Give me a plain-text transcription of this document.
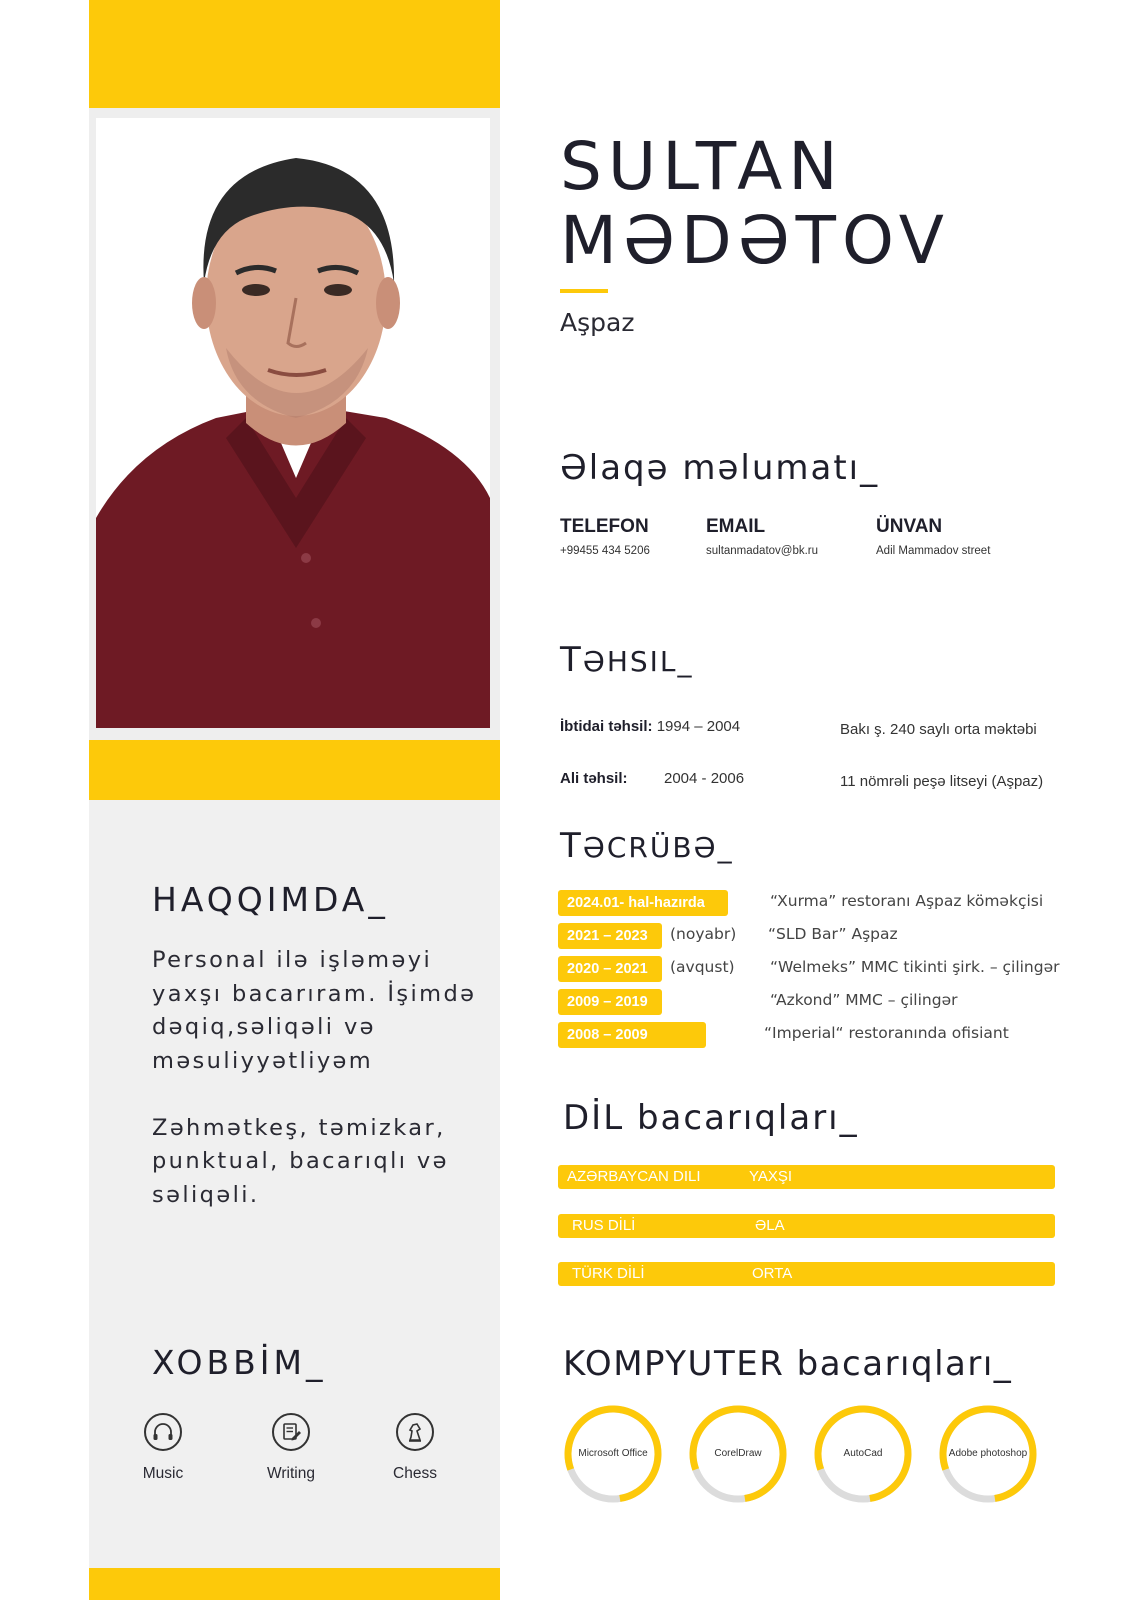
HAQQIMDA_
Personal ilə işləməyi yaxşı bacarıram. İşimdə dəqiq,səliqəli və məsuliyyətliyəm

Zəhmətkeş, təmizkar, punktual, bacarıqlı və səliqəli.
XOBBİM_
Music	Writing	Chess
SULTAN
MƏDƏTOV
Aşpaz
Əlaqə məlumatı_
TELEFON
+99455 434 5206
EMAIL
sultanmadatov@bk.ru
ÜNVAN
Adil Mammadov street
TƏHSIL_
İbtidai təhsil: 1994 – 2004	Bakı ş. 240 saylı orta məktəbi
Ali təhsil: 2004 - 2006	11 nömrəli peşə litseyi (Aşpaz)
TƏCRÜBƏ_
2024.01- hal-hazırda	“Xurma” restoranı Aşpaz köməkçisi
2021 – 2023	(noyabr) “SLD Bar” Aşpaz
2020 – 2021	(avqust) “Welmeks” MMC tikinti şirk. – çilingər
2009 – 2019	“Azkond” MMC – çilingər
2008 – 2009	“Imperial“ restoranında ofisiant
DİL bacarıqları_
AZƏRBAYCAN DILI	YAXŞI
RUS DİLİ	ƏLA
TÜRK DİLİ	ORTA
KOMPYUTER bacarıqları_
Microsoft Office	CorelDraw	AutoCad	Adobe photoshop
